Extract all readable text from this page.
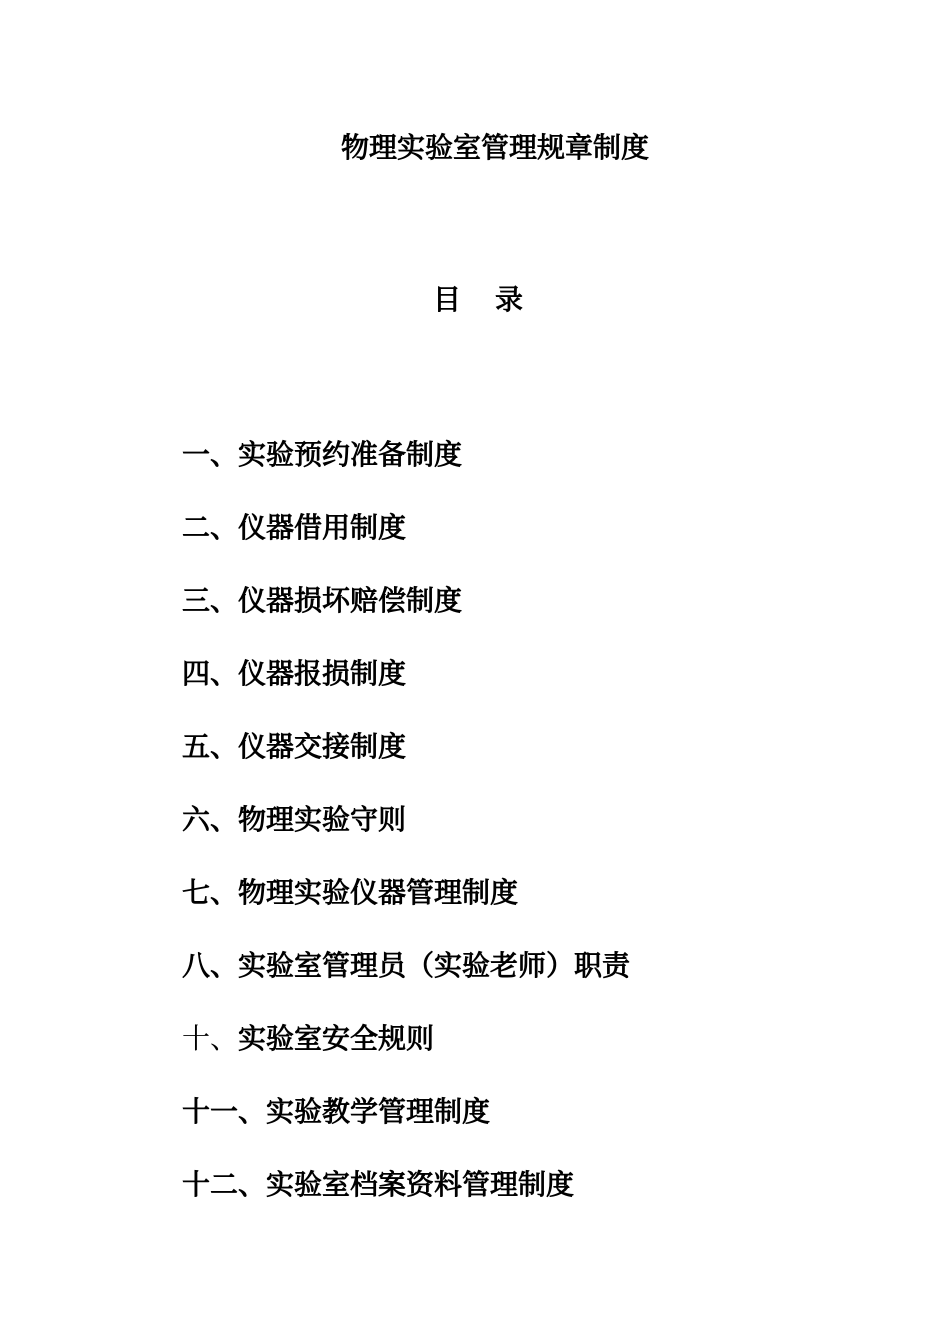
物理实验室管理规章制度
目录
一、实验预约准备制度
二、仪器借用制度
三、仪器损坏赔偿制度
四、仪器报损制度
五、仪器交接制度
六、物理实验守则
七、物理实验仪器管理制度
八、实验室管理员（实验老师）职责
十、实验室安全规则
十一、实验教学管理制度
十二、实验室档案资料管理制度
